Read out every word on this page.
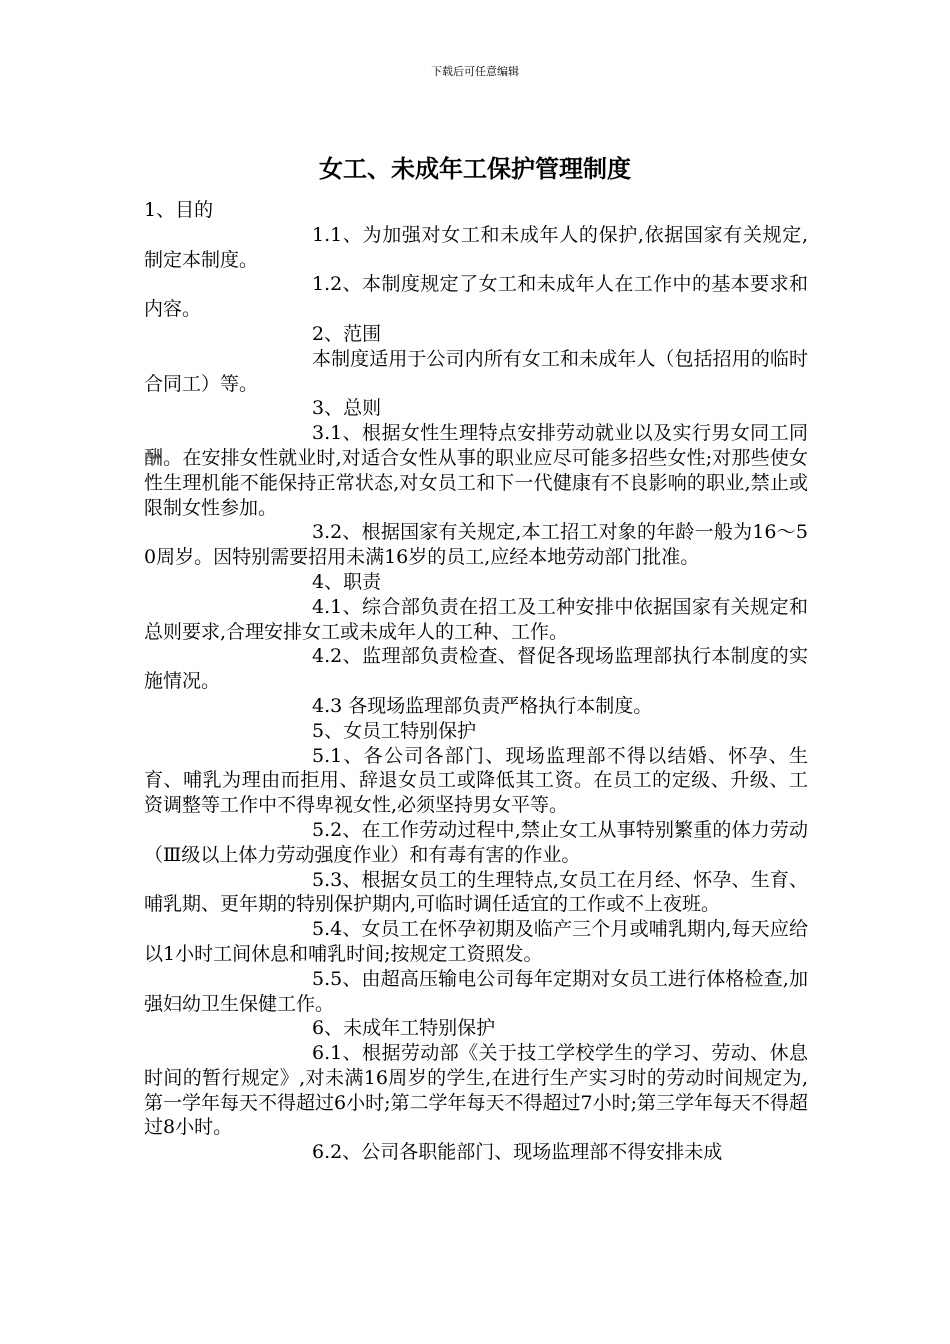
下载后可任意编辑
女工、未成年工保护管理制度

1、目的

1.1、为加强对女工和未成年人的保护,依据国家有关规定,制定本制度。

1.2、本制度规定了女工和未成年人在工作中的基本要求和内容。

2、范围

本制度适用于公司内所有女工和未成年人（包括招用的临时合同工）等。

3、总则

3.1、根据女性生理特点安排劳动就业以及实行男女同工同酬。在安排女性就业时,对适合女性从事的职业应尽可能多招些女性;对那些使女性生理机能不能保持正常状态,对女员工和下一代健康有不良影响的职业,禁止或限制女性参加。

3.2、根据国家有关规定,本工招工对象的年龄一般为16～50周岁。因特别需要招用未满16岁的员工,应经本地劳动部门批准。

4、职责

4.1、综合部负责在招工及工种安排中依据国家有关规定和总则要求,合理安排女工或未成年人的工种、工作。

4.2、监理部负责检查、督促各现场监理部执行本制度的实施情况。

4.3 各现场监理部负责严格执行本制度。

5、女员工特别保护

5.1、各公司各部门、现场监理部不得以结婚、怀孕、生育、哺乳为理由而拒用、辞退女员工或降低其工资。在员工的定级、升级、工资调整等工作中不得卑视女性,必须坚持男女平等。

5.2、在工作劳动过程中,禁止女工从事特别繁重的体力劳动（Ⅲ级以上体力劳动强度作业）和有毒有害的作业。

5.3、根据女员工的生理特点,女员工在月经、怀孕、生育、哺乳期、更年期的特别保护期内,可临时调任适宜的工作或不上夜班。

5.4、女员工在怀孕初期及临产三个月或哺乳期内,每天应给以1小时工间休息和哺乳时间;按规定工资照发。

5.5、由超高压输电公司每年定期对女员工进行体格检查,加强妇幼卫生保健工作。

6、未成年工特别保护

6.1、根据劳动部《关于技工学校学生的学习、劳动、休息时间的暂行规定》,对未满16周岁的学生,在进行生产实习时的劳动时间规定为,第一学年每天不得超过6小时;第二学年每天不得超过7小时;第三学年每天不得超过8小时。

6.2、公司各职能部门、现场监理部不得安排未成
